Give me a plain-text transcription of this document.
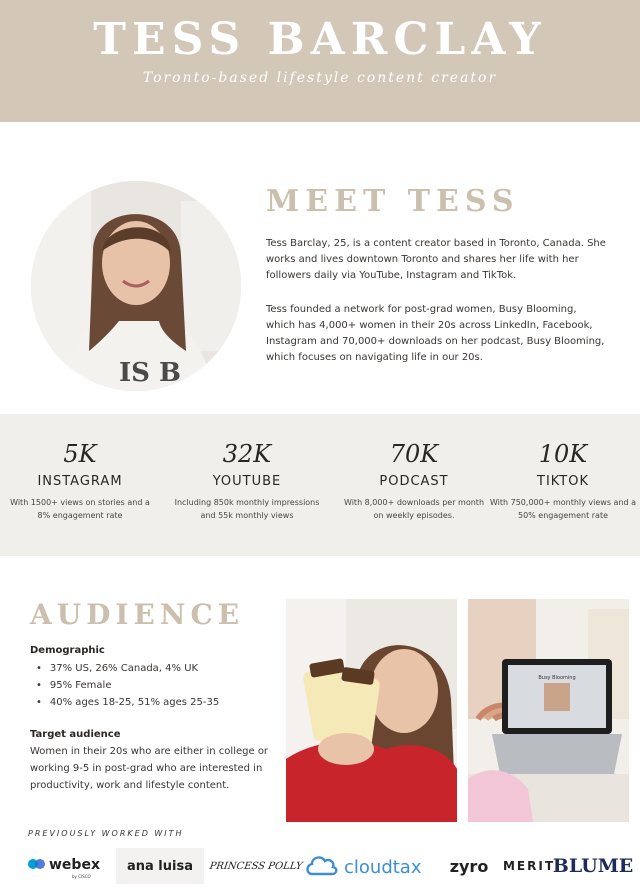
TESS BARCLAY
Toronto-based lifestyle content creator
IS B
MEET TESS

Tess Barclay, 25, is a content creator based in Toronto, Canada. She works and lives downtown Toronto and shares her life with her followers daily via YouTube, Instagram and TikTok.

Tess founded a network for post-grad women, Busy Blooming, which has 4,000+ women in their 20s across LinkedIn, Facebook, Instagram and 70,000+ downloads on her podcast, Busy Blooming, which focuses on navigating life in our 20s.

5K
INSTAGRAM
With 1500+ views on stories and a 8% engagement rate
32K
YOUTUBE
Including 850k monthly impressions and 55k monthly views
70K
PODCAST
With 8,000+ downloads per month on weekly episodes.
10K
TIKTOK
With 750,000+ monthly views and a 50% engagement rate
AUDIENCE
Demographic
• 37% US, 26% Canada, 4% UK
• 95% Female
• 40% ages 18-25, 51% ages 25-35
Target audience

Women in their 20s who are either in college or working 9-5 in post-grad who are interested in productivity, work and lifestyle content.

Busy Blooming
PREVIOUSLY WORKED WITH
webex
by CISCO
ana luisa	PRINCESS POLLY cloudtax zyro MERIT
BLUME
